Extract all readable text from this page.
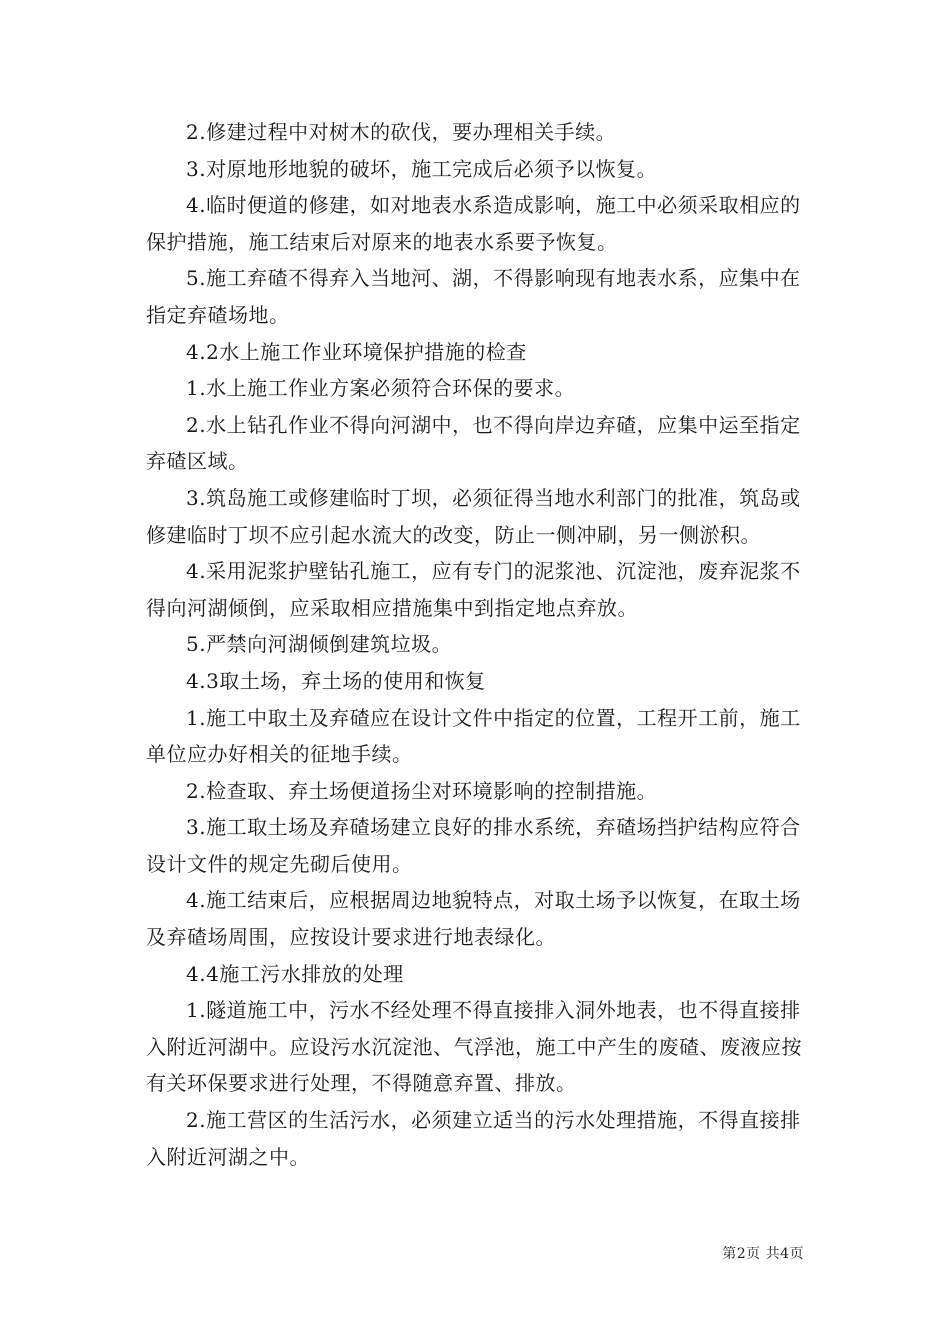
2.修建过程中对树木的砍伐，要办理相关手续。

3.对原地形地貌的破坏，施工完成后必须予以恢复。

4.临时便道的修建，如对地表水系造成影响，施工中必须采取相应的保护措施，施工结束后对原来的地表水系要予恢复。

5.施工弃碴不得弃入当地河、湖，不得影响现有地表水系，应集中在指定弃碴场地。

4.2水上施工作业环境保护措施的检查

1.水上施工作业方案必须符合环保的要求。

2.水上钻孔作业不得向河湖中，也不得向岸边弃碴，应集中运至指定弃碴区域。

3.筑岛施工或修建临时丁坝，必须征得当地水利部门的批准，筑岛或修建临时丁坝不应引起水流大的改变，防止一侧冲刷，另一侧淤积。

4.采用泥浆护壁钻孔施工，应有专门的泥浆池、沉淀池，废弃泥浆不得向河湖倾倒，应采取相应措施集中到指定地点弃放。

5.严禁向河湖倾倒建筑垃圾。

4.3取土场，弃土场的使用和恢复

1.施工中取土及弃碴应在设计文件中指定的位置，工程开工前，施工单位应办好相关的征地手续。

2.检查取、弃土场便道扬尘对环境影响的控制措施。

3.施工取土场及弃碴场建立良好的排水系统，弃碴场挡护结构应符合设计文件的规定先砌后使用。

4.施工结束后，应根据周边地貌特点，对取土场予以恢复，在取土场及弃碴场周围，应按设计要求进行地表绿化。

4.4施工污水排放的处理

1.隧道施工中，污水不经处理不得直接排入洞外地表，也不得直接排入附近河湖中。应设污水沉淀池、气浮池，施工中产生的废碴、废液应按有关环保要求进行处理，不得随意弃置、排放。

2.施工营区的生活污水，必须建立适当的污水处理措施，不得直接排入附近河湖之中。

第2页 共4页
